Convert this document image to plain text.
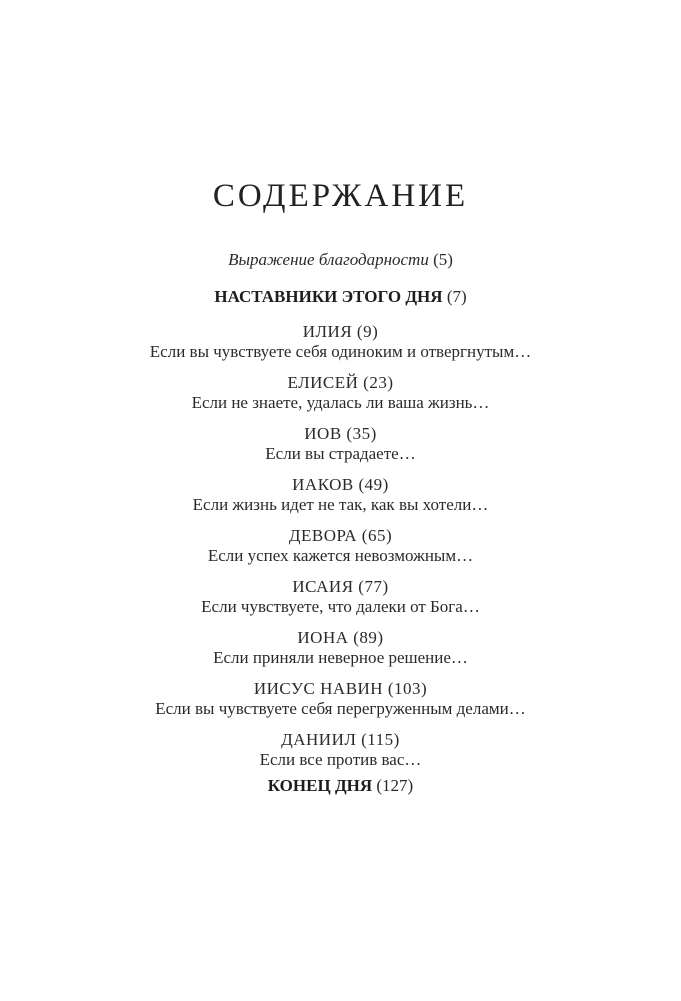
СОДЕРЖАНИЕ
Выражение благодарности (5)
НАСТАВНИКИ ЭТОГО ДНЯ (7)
ИЛИЯ (9)
Если вы чувствуете себя одиноким и отвергнутым…
ЕЛИСЕЙ (23)
Если не знаете, удалась ли ваша жизнь…
ИОВ (35)
Если вы страдаете…
ИАКОВ (49)
Если жизнь идет не так, как вы хотели…
ДЕВОРА (65)
Если успех кажется невозможным…
ИСАИЯ (77)
Если чувствуете, что далеки от Бога…
ИОНА (89)
Если приняли неверное решение…
ИИСУС НАВИН (103)
Если вы чувствуете себя перегруженным делами…
ДАНИИЛ (115)
Если все против вас…
КОНЕЦ ДНЯ (127)
